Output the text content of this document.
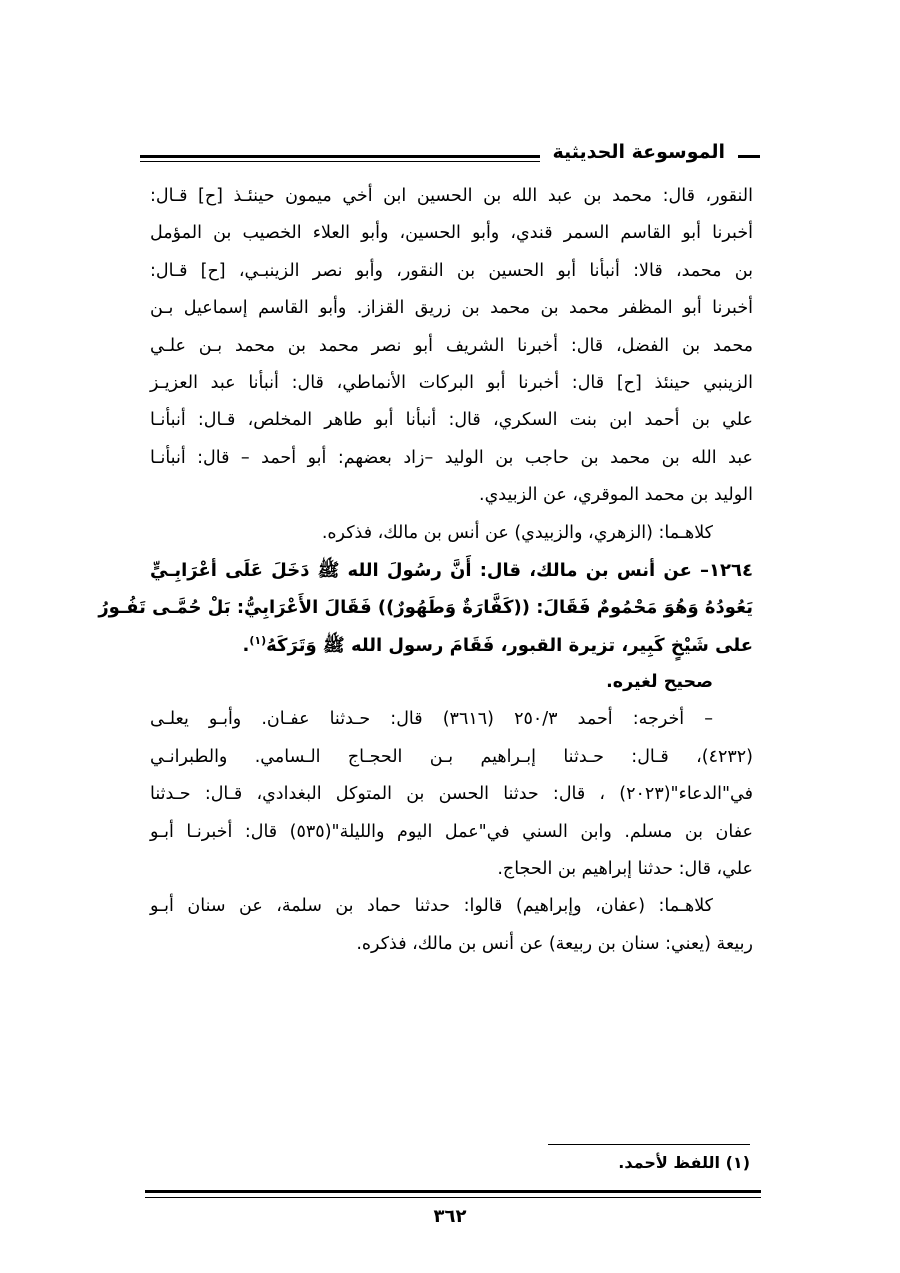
الموسوعة الحديثية
النقور، قال: محمد بن عبد الله بن الحسين ابن أخي ميمون حينئـذ [ح] قـال:
أخبرنا أبو القاسم السمر قندي، وأبو الحسين، وأبو العلاء الخصيب بن المؤمل
بن محمد، قالا: أنبأنا أبو الحسين بن النقور، وأبو نصر الزينبـي، [ح] قـال:
أخبرنا أبو المظفر محمد بن محمد بن زريق القزاز. وأبو القاسم إسماعيل بـن
محمد بن الفضل، قال: أخبرنا الشريف أبو نصر محمد بن محمد بـن علـي
الزينبي حينئذ [ح] قال: أخبرنا أبو البركات الأنماطي، قال: أنبأنا عبد العزيـز
علي بن أحمد ابن بنت السكري، قال: أنبأنا أبو طاهر المخلص، قـال: أنبأنـا
عبد الله بن محمد بن حاجب بن الوليد –زاد بعضهم: أبو أحمد – قال: أنبأنـا
الوليد بن محمد الموقري، عن الزبيدي.
كلاهـما: (الزهري، والزبيدي) عن أنس بن مالك، فذكره.
١٢٦٤– عن أنس بن مالك، قال: أَنَّ رسُولَ الله ﷺ دَخَلَ عَلَى أعْرَابِـيٍّ
يَعُودُهُ وَهُوَ مَحْمُومٌ فَقَالَ: ((كَفَّارَةٌ وَطَهُورٌ)) فَقَالَ الأَعْرَابِيُّ: بَلْ حُمَّـى تَفُـورُ
على شَيْخٍ كَبِير، تزيرة القبور، فَقَامَ رسول الله ﷺ وَتَرَكَهُ$^{(١)}$.
صحيح لغيره.
– أخرجه: أحمد ٢٥٠/٣ (٣٦١٦) قال: حـدثنا عفـان. وأبـو يعلـى
(٤٢٣٢)، قـال: حـدثنا إبـراهيم بـن الحجـاج الـسامي. والطبرانـي
في"الدعاء"(٢٠٢٣) ، قال: حدثنا الحسن بن المتوكل البغدادي، قـال: حـدثنا
عفان بن مسلم. وابن السني في"عمل اليوم والليلة"(٥٣٥) قال: أخبرنـا أبـو
علي، قال: حدثنا إبراهيم بن الحجاج.
كلاهـما: (عفان، وإبراهيم) قالوا: حدثنا حماد بن سلمة، عن سنان أبـو
ربيعة (يعني: سنان بن ربيعة) عن أنس بن مالك، فذكره.
(١) اللفظ لأحمد.
٣٦٢
